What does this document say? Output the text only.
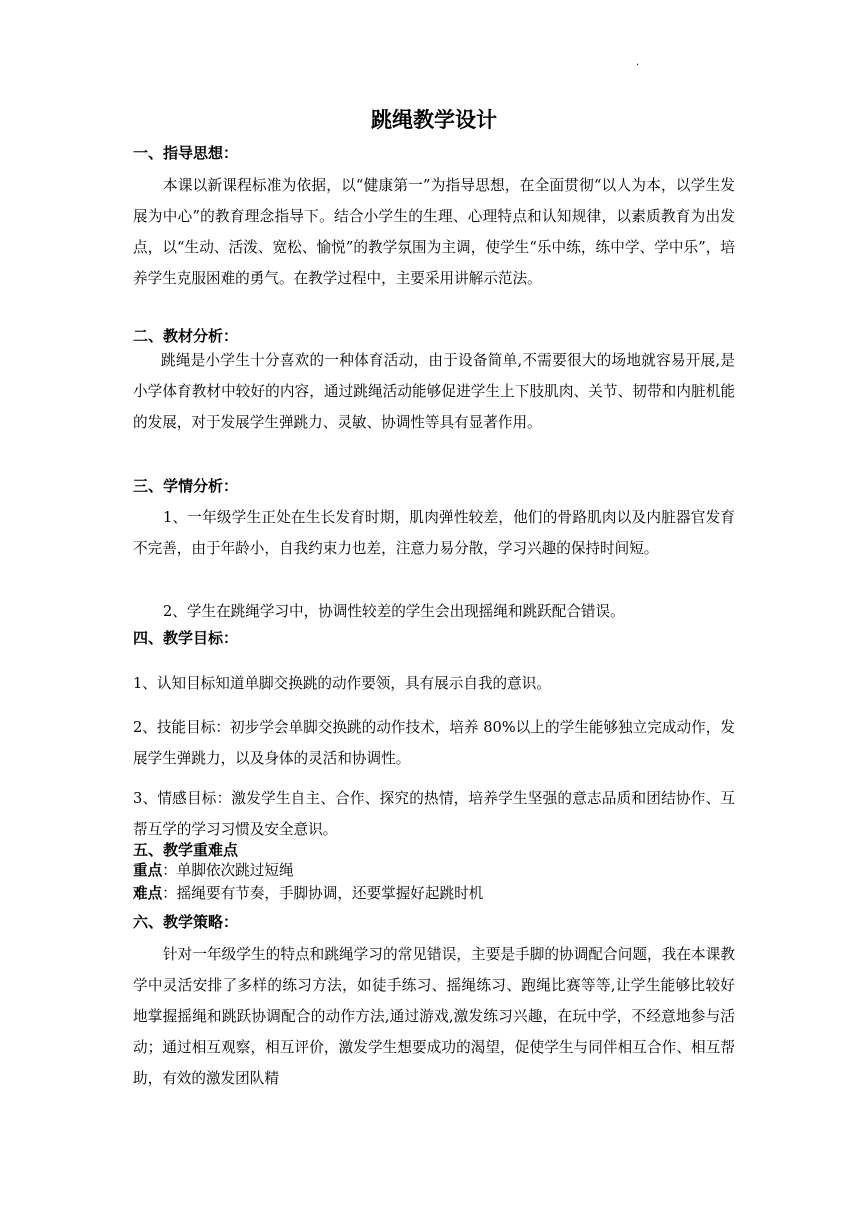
.
跳绳教学设计
一、指导思想：

本课以新课程标准为依据，以“健康第一”为指导思想，在全面贯彻“以人为本，以学生发展为中心”的教育理念指导下。结合小学生的生理、心理特点和认知规律，以素质教育为出发点，以“生动、活泼、宽松、愉悦”的教学氛围为主调，使学生“乐中练，练中学、学中乐”，培养学生克服困难的勇气。在教学过程中，主要采用讲解示范法。

二、教材分析：

跳绳是小学生十分喜欢的一种体育活动，由于设备简单,不需要很大的场地就容易开展,是小学体育教材中较好的内容，通过跳绳活动能够促进学生上下肢肌肉、关节、韧带和内脏机能的发展，对于发展学生弹跳力、灵敏、协调性等具有显著作用。

三、学情分析：

1、一年级学生正处在生长发育时期，肌肉弹性较差，他们的骨路肌肉以及内脏器官发育不完善，由于年龄小，自我约束力也差，注意力易分散，学习兴趣的保持时间短。

2、学生在跳绳学习中，协调性较差的学生会出现摇绳和跳跃配合错误。

四、教学目标：

1、认知目标知道单脚交换跳的动作要领，具有展示自我的意识。

2、技能目标：初步学会单脚交换跳的动作技术，培养 80%以上的学生能够独立完成动作，发展学生弹跳力，以及身体的灵活和协调性。

3、情感目标：激发学生自主、合作、探究的热情，培养学生坚强的意志品质和团结协作、互帮互学的学习习惯及安全意识。

五、教学重难点
重点：单脚依次跳过短绳
难点：摇绳要有节奏，手脚协调，还要掌握好起跳时机
六、教学策略：

针对一年级学生的特点和跳绳学习的常见错误，主要是手脚的协调配合问题，我在本课教学中灵活安排了多样的练习方法，如徒手练习、摇绳练习、跑绳比赛等等,让学生能够比较好地掌握摇绳和跳跃协调配合的动作方法,通过游戏,激发练习兴趣，在玩中学，不经意地参与活动；通过相互观察，相互评价，激发学生想要成功的渴望，促使学生与同伴相互合作、相互帮助，有效的激发团队精
